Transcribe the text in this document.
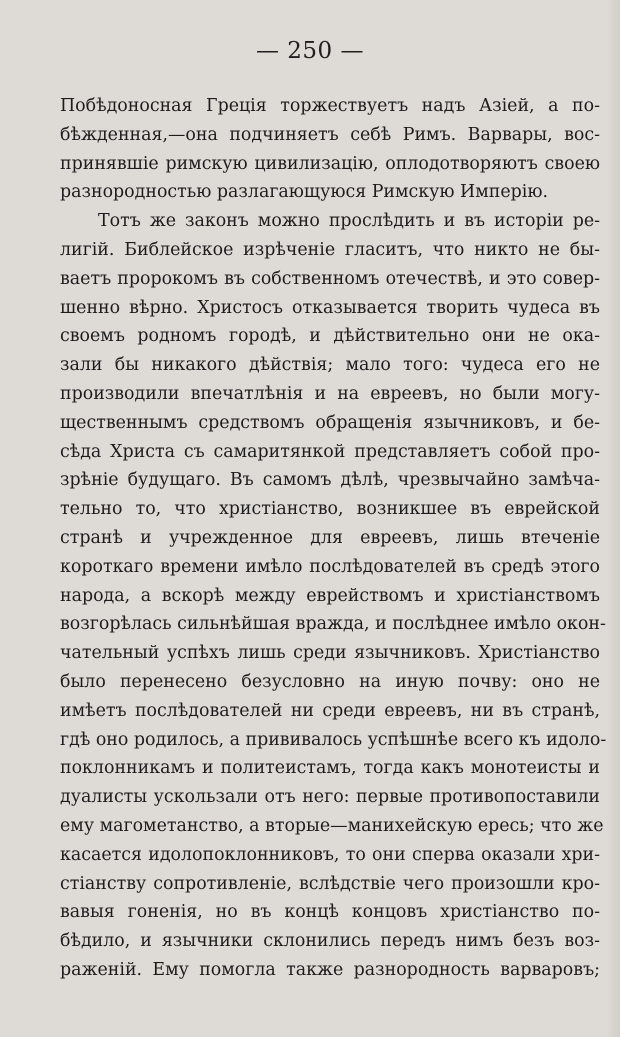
— 250 —
Побѣдоносная Греція торжествуетъ надъ Азіей, а по-
бѣжденная,—она подчиняетъ себѣ Римъ. Варвары, вос-
принявшіе римскую цивилизацію, оплодотворяютъ своею
разнородностью разлагающуюся Римскую Имперію.
Тотъ же законъ можно прослѣдить и въ исторіи ре-
лигій. Библейское изрѣченіе гласитъ, что никто не бы-
ваетъ пророкомъ въ собственномъ отечествѣ, и это совер-
шенно вѣрно. Христосъ отказывается творить чудеса въ
своемъ родномъ городѣ, и дѣйствительно они не ока-
зали бы никакого дѣйствія; мало того: чудеса его не
производили впечатлѣнія и на евреевъ, но были могу-
щественнымъ средствомъ обращенія язычниковъ, и бе-
сѣда Христа съ самаритянкой представляетъ собой про-
зрѣніе будущаго. Въ самомъ дѣлѣ, чрезвычайно замѣча-
тельно то, что христіанство, возникшее въ еврейской
странѣ и учрежденное для евреевъ, лишь втеченіе
короткаго времени имѣло послѣдователей въ средѣ этого
народа, а вскорѣ между еврействомъ и христіанствомъ
возгорѣлась сильнѣйшая вражда, и послѣднее имѣло окон-
чательный успѣхъ лишь среди язычниковъ. Христіанство
было перенесено безусловно на иную почву: оно не
имѣетъ послѣдователей ни среди евреевъ, ни въ странѣ,
гдѣ оно родилось, а прививалось успѣшнѣе всего къ идоло-
поклонникамъ и политеистамъ, тогда какъ монотеисты и
дуалисты ускользали отъ него: первые противопоставили
ему магометанство, а вторые—манихейскую ересь; что же
касается идолопоклонниковъ, то они сперва оказали хри-
стіанству сопротивленіе, вслѣдствіе чего произошли кро-
вавыя гоненія, но въ концѣ концовъ христіанство по-
бѣдило, и язычники склонились передъ нимъ безъ воз-
раженій. Ему помогла также разнородность варваровъ;
